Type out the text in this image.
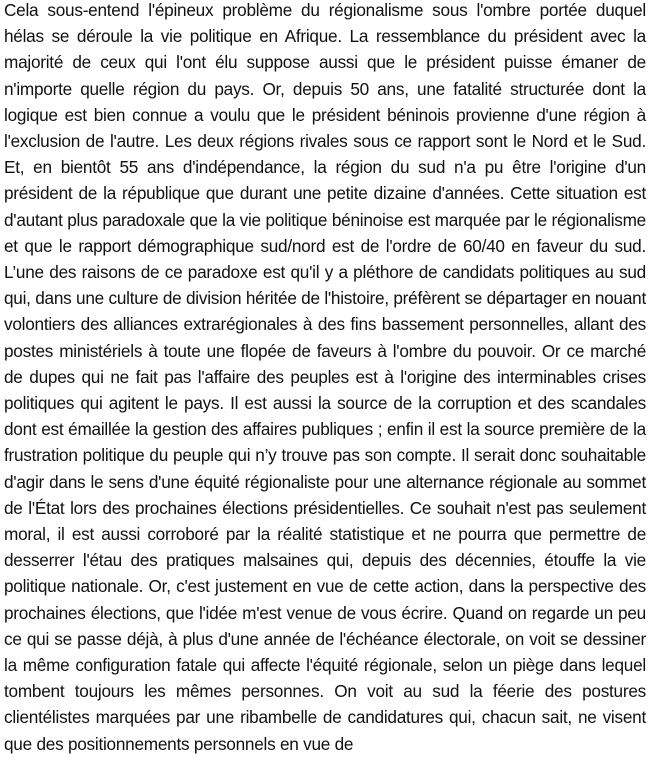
Cela sous-entend l'épineux problème du régionalisme sous l'ombre portée duquel hélas se déroule la vie politique en Afrique. La ressemblance du président avec la majorité de ceux qui l'ont élu suppose aussi que le président puisse émaner de n'importe quelle région du pays. Or, depuis 50 ans, une fatalité structurée dont la logique est bien connue a voulu que le président béninois provienne d'une région à l'exclusion de l'autre. Les deux régions rivales sous ce rapport sont le Nord et le Sud. Et, en bientôt 55 ans d'indépendance, la région du sud n'a pu être l'origine d'un président de la république que durant une petite dizaine d'années. Cette situation est d'autant plus paradoxale que la vie politique béninoise est marquée par le régionalisme et que le rapport démographique sud/nord est de l'ordre de 60/40 en faveur du sud. L’une des raisons de ce paradoxe est qu'il y a pléthore de candidats politiques au sud qui, dans une culture de division héritée de l'histoire, préfèrent se départager en nouant volontiers des alliances extrarégionales à des fins bassement personnelles, allant des postes ministériels à toute une flopée de faveurs à l'ombre du pouvoir. Or ce marché de dupes qui ne fait pas l'affaire des peuples est à l'origine des interminables crises politiques qui agitent le pays. Il est aussi la source de la corruption et des scandales dont est émaillée la gestion des affaires publiques ; enfin il est la source première de la frustration politique du peuple qui n’y trouve pas son compte. Il serait donc souhaitable d'agir dans le sens d'une équité régionaliste pour une alternance régionale au sommet de l'État lors des prochaines élections présidentielles. Ce souhait n'est pas seulement moral, il est aussi corroboré par la réalité statistique et ne pourra que permettre de desserrer l'étau des pratiques malsaines qui, depuis des décennies, étouffe la vie politique nationale. Or, c'est justement en vue de cette action, dans la perspective des prochaines élections, que l'idée m'est venue de vous écrire. Quand on regarde un peu ce qui se passe déjà, à plus d'une année de l'échéance électorale, on voit se dessiner la même configuration fatale qui affecte l'équité régionale, selon un piège dans lequel tombent toujours les mêmes personnes. On voit au sud la féerie des postures clientélistes marquées par une ribambelle de candidatures qui, chacun sait, ne visent que des positionnements personnels en vue de
